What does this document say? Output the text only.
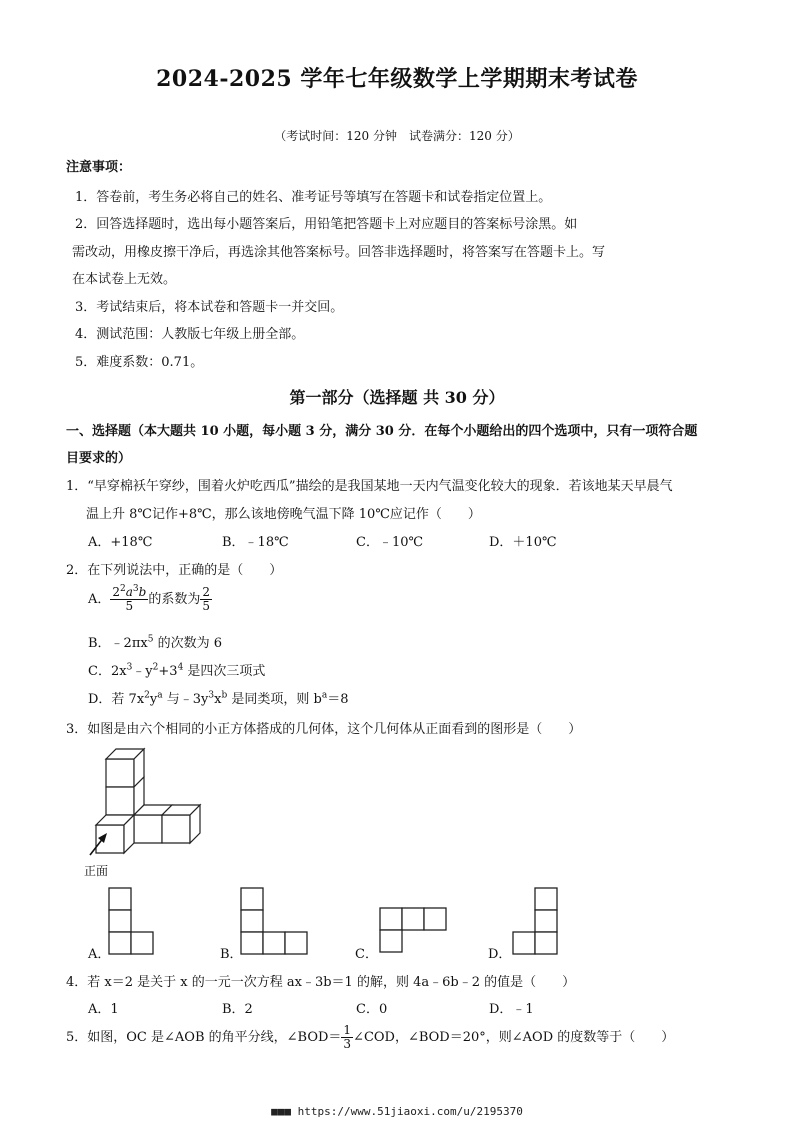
2024-2025 学年七年级数学上学期期末考试卷
（考试时间：120 分钟　试卷满分：120 分）
注意事项：
1．答卷前，考生务必将自己的姓名、准考证号等填写在答题卡和试卷指定位置上。
2．回答选择题时，选出每小题答案后，用铅笔把答题卡上对应题目的答案标号涂黑。如
需改动，用橡皮擦干净后，再选涂其他答案标号。回答非选择题时，将答案写在答题卡上。写
在本试卷上无效。
3．考试结束后，将本试卷和答题卡一并交回。
4．测试范围：人教版七年级上册全部。
5．难度系数：0.71。
第一部分（选择题 共 30 分）
一、选择题（本大题共 10 小题，每小题 3 分，满分 30 分．在每个小题给出的四个选项中，只有一项符合题
目要求的）
1．“早穿棉袄午穿纱，围着火炉吃西瓜”描绘的是我国某地一天内气温变化较大的现象．若该地某天早晨气
温上升 8℃记作+8℃，那么该地傍晚气温下降 10℃应记作（　　）
A．+18℃	B．﹣18℃	C．﹣10℃	D．＋10℃
2．在下列说法中，正确的是（　　）
A． $\frac{2^2a^3b}{5}$ 的系数为 $\frac{2}{5}$
B．$﹣2\pi x^5$ 的次数为 6
C．$2x^3﹣y^2+3^4$ 是四次三项式
D．若 $7x^2y^a$ 与$﹣3y^3x^b$ 是同类项，则 $b^a=8$
3．如图是由六个相同的小正方体搭成的几何体，这个几何体从正面看到的图形是（　　）
正面
A．	B．	C．	D．
4．若 x＝2 是关于 x 的一元一次方程 ax﹣3b＝1 的解，则 4a﹣6b﹣2 的值是（　　）
A．1	B．2	C．0	D．﹣1
5．如图，OC 是∠AOB 的角平分线，∠BOD＝ $\frac{1}{3}$ ∠COD，∠BOD＝20°，则∠AOD 的度数等于（　　）
■■■ https://www.51jiaoxi.com/u/2195370
